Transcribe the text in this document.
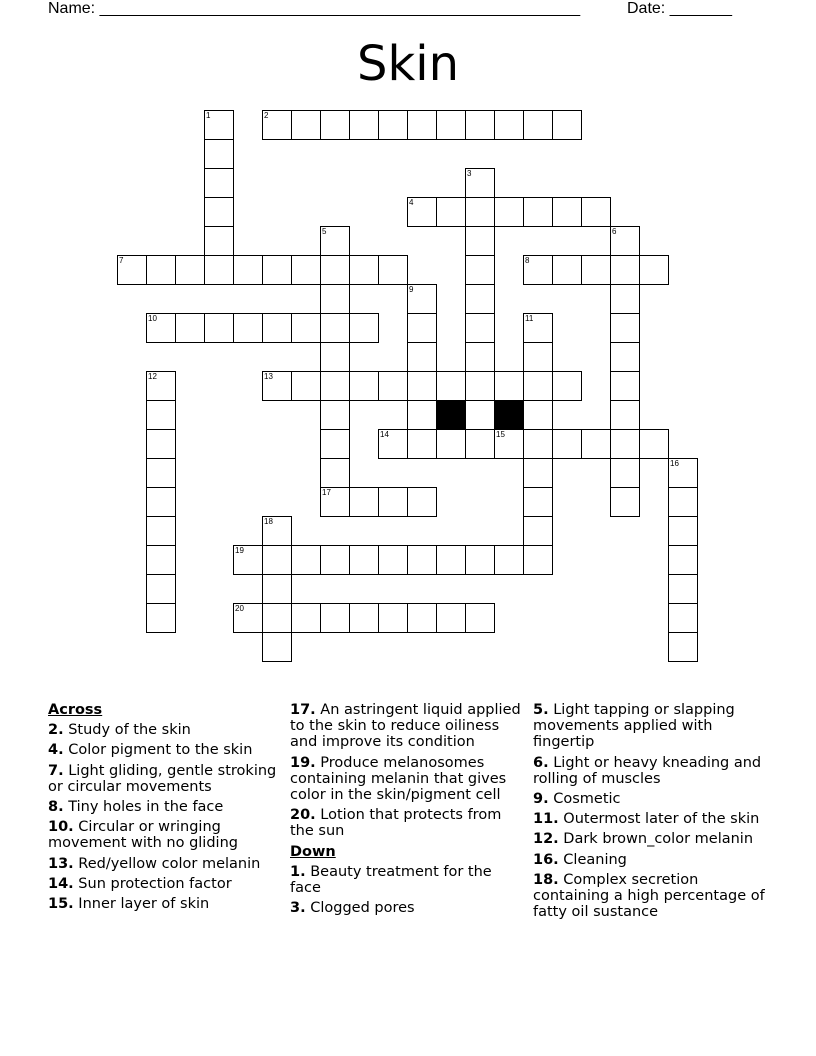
Name: ______________________________________________________	Date: _______
Skin
1	2
3
4
5
17
6
7	8
9
10	11
12	13
14	15
16
18
19
20
Across
2. Study of the skin
4. Color pigment to the skin
7. Light gliding, gentle stroking or circular movements
8. Tiny holes in the face
10. Circular or wringing movement with no gliding
13. Red/yellow color melanin
14. Sun protection factor
15. Inner layer of skin
17. An astringent liquid applied to the skin to reduce oiliness and improve its condition
19. Produce melanosomes containing melanin that gives color in the skin/pigment cell
20. Lotion that protects from the sun
Down
1. Beauty treatment for the face
3. Clogged pores
5. Light tapping or slapping movements applied with fingertip
6. Light or heavy kneading and rolling of muscles
9. Cosmetic
11. Outermost later of the skin
12. Dark brown_color melanin
16. Cleaning
18. Complex secretion containing a high percentage of fatty oil sustance
